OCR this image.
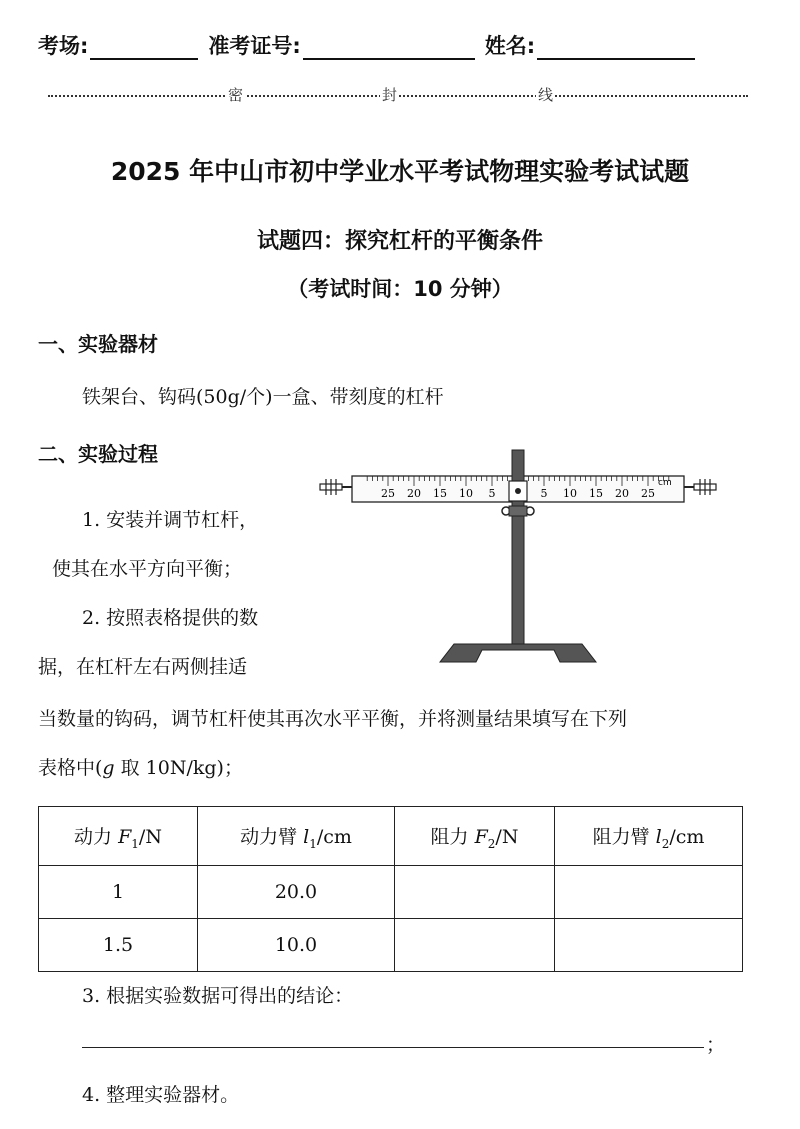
考场:	准考证号:	姓名:
密	封	线
2025 年中山市初中学业水平考试物理实验考试试题
试题四：探究杠杆的平衡条件
（考试时间：10 分钟）
一、实验器材
铁架台、钩码(50g/个)一盒、带刻度的杠杆
二、实验过程
1. 安装并调节杠杆，
使其在水平方向平衡；
2. 按照表格提供的数
据，在杠杆左右两侧挂适
当数量的钩码，调节杠杆使其再次水平平衡，并将测量结果填写在下列
表格中(g 取 10N/kg)；
25 20 15 10 5	5 10 15 20 25
cm
动力 $F_1/N$	动力臂 $l_1/cm$	阻力 $F_2/N$	阻力臂 $l_2/cm$
1	20.0		
1.5	10.0		
3. 根据实验数据可得出的结论：
；
4. 整理实验器材。
